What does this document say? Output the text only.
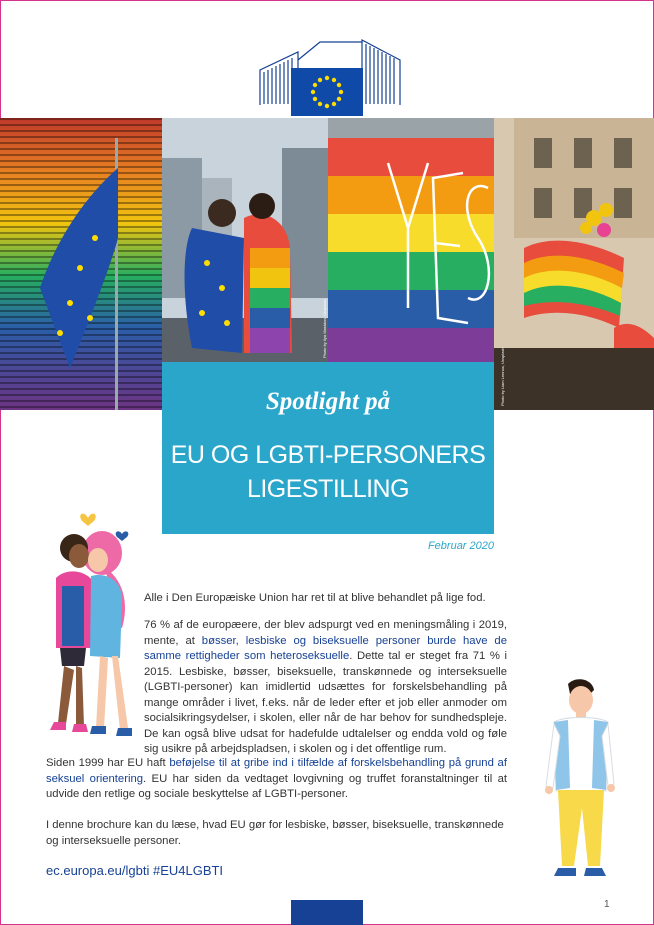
Photo by Ilya Mashkov, Unsplash
Photo by Liam Lennox, Unsplash
Spotlight på
EU OG LGBTI-PERSONERS
LIGESTILLING
Februar 2020

Alle i Den Europæiske Union har ret til at blive behandlet på lige fod.

76 % af de europæere, der blev adspurgt ved en meningsmåling i 2019, mente, at bøsser, lesbiske og biseksuelle personer burde have de samme rettigheder som heteroseksuelle. Dette tal er steget fra 71 % i 2015. Lesbiske, bøsser, biseksuelle, transkønnede og interseksuelle (LGBTI-personer) kan imidlertid udsættes for forskelsbehandling på mange områder i livet, f.eks. når de leder efter et job eller anmoder om socialsikringsydelser, i skolen, eller når de har behov for sundhedspleje. De kan også blive udsat for hadefulde udtalelser og endda vold og føle sig usikre på arbejdspladsen, i skolen og i det offentlige rum.

Siden 1999 har EU haft beføjelse til at gribe ind i tilfælde af forskelsbehandling på grund af seksuel orientering. EU har siden da vedtaget lovgivning og truffet foranstaltninger til at udvide den retlige og sociale beskyttelse af LGBTI-personer.

I denne brochure kan du læse, hvad EU gør for lesbiske, bøsser, biseksuelle, transkønnede og interseksuelle personer.

ec.europa.eu/lgbti #EU4LGBTI
1
